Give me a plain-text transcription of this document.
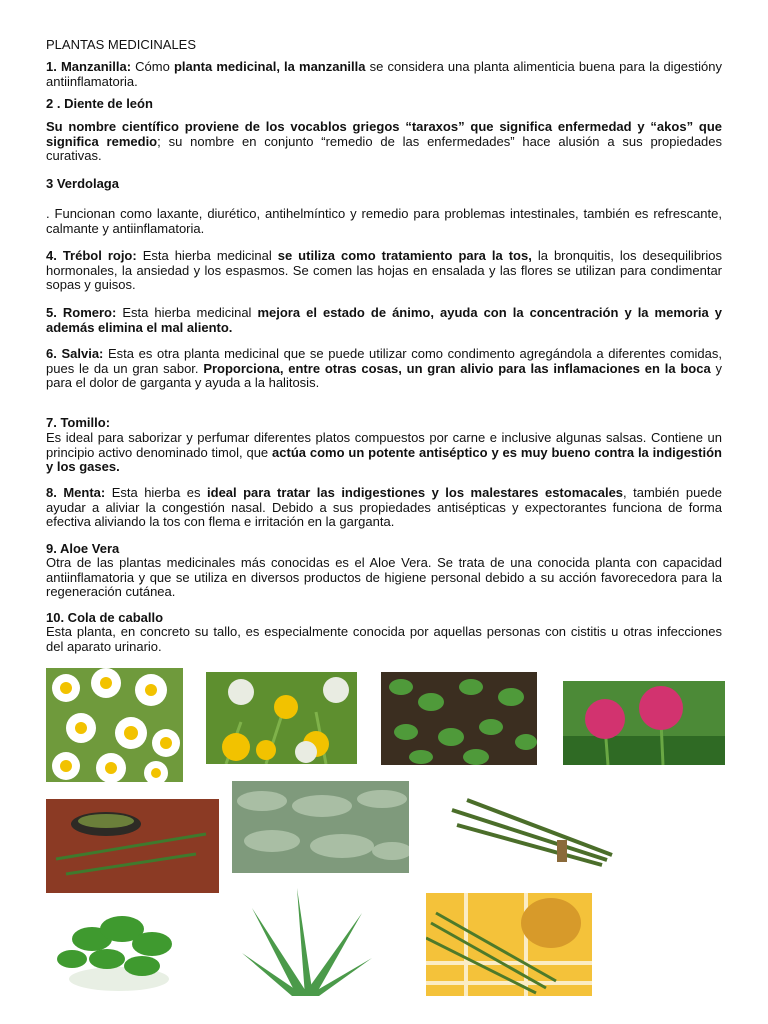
PLANTAS MEDICINALES

1. Manzanilla: Cómo planta medicinal, la manzanilla se considera una planta alimenticia buena para la digestióny antiinflamatoria.

2 . Diente de león

Su nombre científico proviene de los vocablos griegos “taraxos” que significa enfermedad y “akos” que significa remedio; su nombre en conjunto “remedio de las enfermedades” hace alusión a sus propiedades curativas.

3 Verdolaga

. Funcionan como laxante, diurético, antihelmíntico y remedio para problemas intestinales, también es refrescante, calmante y antiinflamatoria.

4. Trébol rojo: Esta hierba medicinal se utiliza como tratamiento para la tos, la bronquitis, los desequilibrios hormonales, la ansiedad y los espasmos. Se comen las hojas en ensalada y las flores se utilizan para condimentar sopas y guisos.

5. Romero: Esta hierba medicinal mejora el estado de ánimo, ayuda con la concentración y la memoria y además elimina el mal aliento.

6. Salvia: Esta es otra planta medicinal que se puede utilizar como condimento agregándola a diferentes comidas, pues le da un gran sabor. Proporciona, entre otras cosas, un gran alivio para las inflamaciones en la boca y para el dolor de garganta y ayuda a la halitosis.

7. Tomillo:

Es ideal para saborizar y perfumar diferentes platos compuestos por carne e inclusive algunas salsas. Contiene un principio activo denominado timol, que actúa como un potente antiséptico y es muy bueno contra la indigestión y los gases.

8. Menta: Esta hierba es ideal para tratar las indigestiones y los malestares estomacales, también puede ayudar a aliviar la congestión nasal. Debido a sus propiedades antisépticas y expectorantes funciona de forma efectiva aliviando la tos con flema e irritación en la garganta.

9. Aloe Vera

Otra de las plantas medicinales más conocidas es el Aloe Vera. Se trata de una conocida planta con capacidad antiinflamatoria y que se utiliza en diversos productos de higiene personal debido a su acción favorecedora para la regeneración cutánea.

10. Cola de caballo

Esta planta, en concreto su tallo, es especialmente conocida por aquellas personas con cistitis u otras infecciones del aparato urinario.
